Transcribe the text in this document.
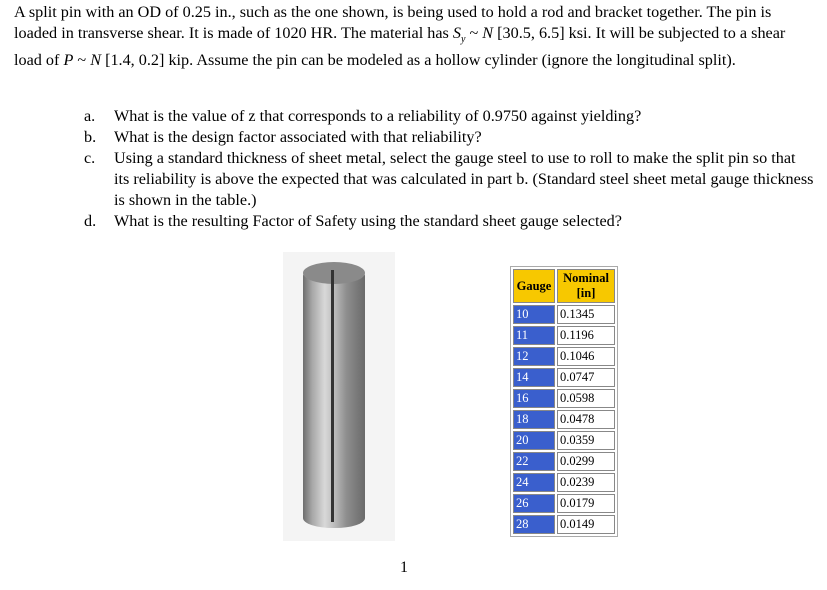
A split pin with an OD of 0.25 in., such as the one shown, is being used to hold a rod and bracket together. The pin is loaded in transverse shear. It is made of 1020 HR. The material has $S_y$ ~ N [30.5, 6.5] ksi. It will be subjected to a shear load of P ~ N [1.4, 0.2] kip. Assume the pin can be modeled as a hollow cylinder (ignore the longitudinal split).
a.	What is the value of z that corresponds to a reliability of 0.9750 against yielding?
b.	What is the design factor associated with that reliability?
c.	Using a standard thickness of sheet metal, select the gauge steel to use to roll to make the split pin so that its reliability is above the expected that was calculated in part b. (Standard steel sheet metal gauge thickness is shown in the table.)
d.	What is the resulting Factor of Safety using the standard sheet gauge selected?
Gauge	Nominal [in]
10	0.1345
11	0.1196
12	0.1046
14	0.0747
16	0.0598
18	0.0478
20	0.0359
22	0.0299
24	0.0239
26	0.0179
28	0.0149
1
